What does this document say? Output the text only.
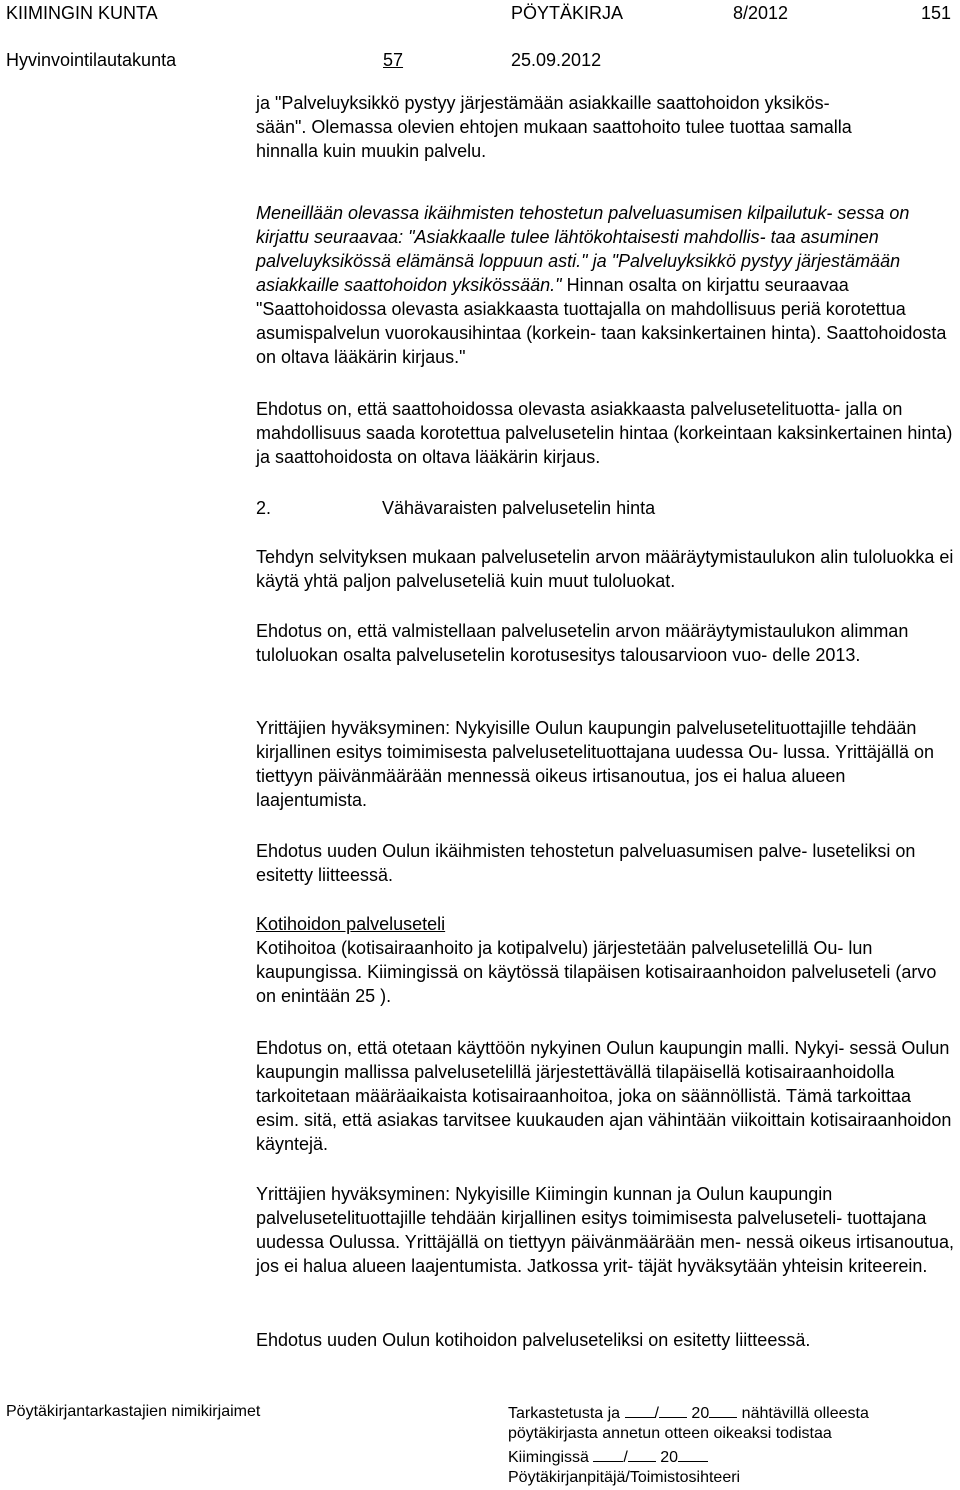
KIIMINGIN KUNTA	PÖYTÄKIRJA	8/2012	151
Hyvinvointilautakunta	57	25.09.2012

ja "Palveluyksikkö pystyy järjestämään asiakkaille saattohoidon yksikös-

sään". Olemassa olevien ehtojen mukaan saattohoito tulee tuottaa samalla

hinnalla kuin muukin palvelu.

Meneillään olevassa ikäihmisten tehostetun palveluasumisen kilpailutuk- sessa on kirjattu seuraavaa: "Asiakkaalle tulee lähtökohtaisesti mahdollis- taa asuminen palveluyksikössä elämänsä loppuun asti." ja "Palveluyksikkö pystyy järjestämään asiakkaille saattohoidon yksikössään." Hinnan osalta on kirjattu seuraavaa "Saattohoidossa olevasta asiakkaasta tuottajalla on mahdollisuus periä korotettua asumispalvelun vuorokausihintaa (korkein- taan kaksinkertainen hinta). Saattohoidosta on oltava lääkärin kirjaus."

Ehdotus on, että saattohoidossa olevasta asiakkaasta palvelusetelituotta- jalla on mahdollisuus saada korotettua palvelusetelin hintaa (korkeintaan kaksinkertainen hinta) ja saattohoidosta on oltava lääkärin kirjaus.

2.	Vähävaraisten palvelusetelin hinta

Tehdyn selvityksen mukaan palvelusetelin arvon määräytymistaulukon alin tuloluokka ei käytä yhtä paljon palveluseteliä kuin muut tuloluokat.

Ehdotus on, että valmistellaan palvelusetelin arvon määräytymistaulukon alimman tuloluokan osalta palvelusetelin korotusesitys talousarvioon vuo- delle 2013.

Yrittäjien hyväksyminen: Nykyisille Oulun kaupungin palvelusetelituottajille tehdään kirjallinen esitys toimimisesta palvelusetelituottajana uudessa Ou- lussa. Yrittäjällä on tiettyyn päivänmäärään mennessä oikeus irtisanoutua, jos ei halua alueen laajentumista.

Ehdotus uuden Oulun ikäihmisten tehostetun palveluasumisen palve- luseteliksi on esitetty liitteessä.

Kotihoidon palveluseteli

Kotihoitoa (kotisairaanhoito ja kotipalvelu) järjestetään palvelusetelillä Ou- lun kaupungissa. Kiimingissä on käytössä tilapäisen kotisairaanhoidon palveluseteli (arvo on enintään 25 ).

Ehdotus on, että otetaan käyttöön nykyinen Oulun kaupungin malli. Nykyi- sessä Oulun kaupungin mallissa palvelusetelillä järjestettävällä tilapäisellä kotisairaanhoidolla tarkoitetaan määräaikaista kotisairaanhoitoa, joka on säännöllistä. Tämä tarkoittaa esim. sitä, että asiakas tarvitsee kuukauden ajan vähintään viikoittain kotisairaanhoidon käyntejä.

Yrittäjien hyväksyminen: Nykyisille Kiimingin kunnan ja Oulun kaupungin palvelusetelituottajille tehdään kirjallinen esitys toimimisesta palveluseteli- tuottajana uudessa Oulussa. Yrittäjällä on tiettyyn päivänmäärään men- nessä oikeus irtisanoutua, jos ei halua alueen laajentumista. Jatkossa yrit- täjät hyväksytään yhteisin kriteerein.

Ehdotus uuden Oulun kotihoidon palveluseteliksi on esitetty liitteessä.

Pöytäkirjantarkastajien nimikirjaimet	Tarkastetusta ja / 20 nähtävillä olleesta
pöytäkirjasta annetun otteen oikeaksi todistaa
Kiimingissä / 20
Pöytäkirjanpitäjä/Toimistosihteeri
